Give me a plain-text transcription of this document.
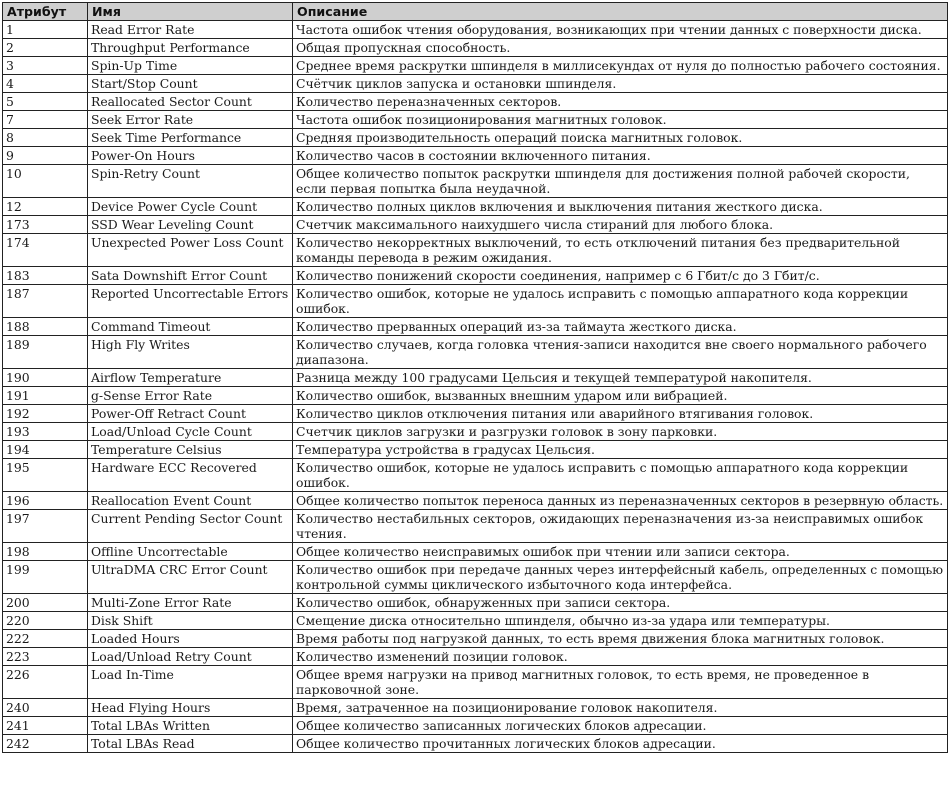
Атрибут	Имя	Описание
1	Read Error Rate	Частота ошибок чтения оборудования, возникающих при чтении данных с поверхности диска.
2	Throughput Performance	Общая пропускная способность.
3	Spin-Up Time	Среднее время раскрутки шпинделя в миллисекундах от нуля до полностью рабочего состояния.
4	Start/Stop Count	Счётчик циклов запуска и остановки шпинделя.
5	Reallocated Sector Count	Количество переназначенных секторов.
7	Seek Error Rate	Частота ошибок позиционирования магнитных головок.
8	Seek Time Performance	Средняя производительность операций поиска магнитных головок.
9	Power-On Hours	Количество часов в состоянии включенного питания.
10	Spin-Retry Count	Общее количество попыток раскрутки шпинделя для достижения полной рабочей скорости, если первая попытка была неудачной.
12	Device Power Cycle Count	Количество полных циклов включения и выключения питания жесткого диска.
173	SSD Wear Leveling Count	Счетчик максимального наихудшего числа стираний для любого блока.
174	Unexpected Power Loss Count	Количество некорректных выключений, то есть отключений питания без предварительной команды перевода в режим ожидания.
183	Sata Downshift Error Count	Количество понижений скорости соединения, например с 6 Гбит/с до 3 Гбит/с.
187	Reported Uncorrectable Errors	Количество ошибок, которые не удалось исправить с помощью аппаратного кода коррекции ошибок.
188	Command Timeout	Количество прерванных операций из-за таймаута жесткого диска.
189	High Fly Writes	Количество случаев, когда головка чтения-записи находится вне своего нормального рабочего диапазона.
190	Airflow Temperature	Разница между 100 градусами Цельсия и текущей температурой накопителя.
191	g-Sense Error Rate	Количество ошибок, вызванных внешним ударом или вибрацией.
192	Power-Off Retract Count	Количество циклов отключения питания или аварийного втягивания головок.
193	Load/Unload Cycle Count	Счетчик циклов загрузки и разгрузки головок в зону парковки.
194	Temperature Celsius	Температура устройства в градусах Цельсия.
195	Hardware ECC Recovered	Количество ошибок, которые не удалось исправить с помощью аппаратного кода коррекции ошибок.
196	Reallocation Event Count	Общее количество попыток переноса данных из переназначенных секторов в резервную область.
197	Current Pending Sector Count	Количество нестабильных секторов, ожидающих переназначения из-за неисправимых ошибок чтения.
198	Offline Uncorrectable	Общее количество неисправимых ошибок при чтении или записи сектора.
199	UltraDMA CRC Error Count	Количество ошибок при передаче данных через интерфейсный кабель, определенных с помощью контрольной суммы циклического избыточного кода интерфейса.
200	Multi-Zone Error Rate	Количество ошибок, обнаруженных при записи сектора.
220	Disk Shift	Смещение диска относительно шпинделя, обычно из-за удара или температуры.
222	Loaded Hours	Время работы под нагрузкой данных, то есть время движения блока магнитных головок.
223	Load/Unload Retry Count	Количество изменений позиции головок.
226	Load In-Time	Общее время нагрузки на привод магнитных головок, то есть время, не проведенное в парковочной зоне.
240	Head Flying Hours	Время, затраченное на позиционирование головок накопителя.
241	Total LBAs Written	Общее количество записанных логических блоков адресации.
242	Total LBAs Read	Общее количество прочитанных логических блоков адресации.
